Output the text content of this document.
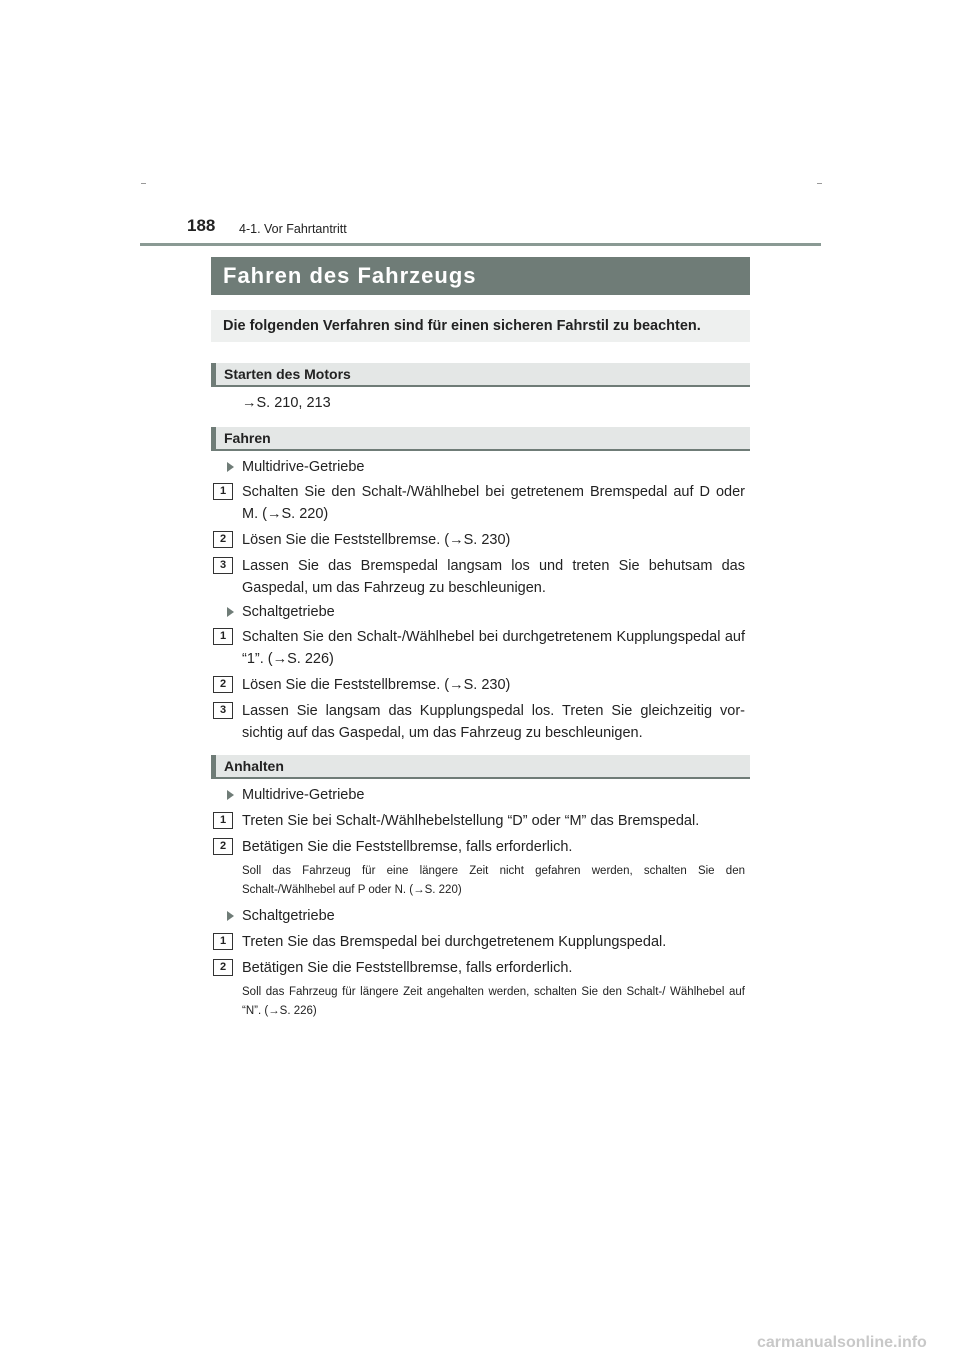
188 4-1. Vor Fahrtantritt
Fahren des Fahrzeugs
Die folgenden Verfahren sind für einen sicheren Fahrstil zu beachten.
Starten des Motors
→S. 210, 213
Fahren
Multidrive-Getriebe
1	Schalten Sie den Schalt-/Wählhebel bei getretenem Bremspedal auf D oder M. (→S. 220)
2	Lösen Sie die Feststellbremse. (→S. 230)
3	Lassen Sie das Bremspedal langsam los und treten Sie behutsam das Gaspedal, um das Fahrzeug zu beschleunigen.
Schaltgetriebe
1	Schalten Sie den Schalt-/Wählhebel bei durchgetretenem Kupplungspedal auf “1”. (→S. 226)
2	Lösen Sie die Feststellbremse. (→S. 230)
3	Lassen Sie langsam das Kupplungspedal los. Treten Sie gleichzeitig vor-sichtig auf das Gaspedal, um das Fahrzeug zu beschleunigen.
Anhalten
Multidrive-Getriebe
1	Treten Sie bei Schalt-/Wählhebelstellung “D” oder “M” das Bremspedal.
2	Betätigen Sie die Feststellbremse, falls erforderlich.
Soll das Fahrzeug für eine längere Zeit nicht gefahren werden, schalten Sie den Schalt-/Wählhebel auf P oder N. (→S. 220)
Schaltgetriebe
1	Treten Sie das Bremspedal bei durchgetretenem Kupplungspedal.
2	Betätigen Sie die Feststellbremse, falls erforderlich.
Soll das Fahrzeug für längere Zeit angehalten werden, schalten Sie den Schalt-/ Wählhebel auf “N”. (→S. 226)
carmanualsonline.info
